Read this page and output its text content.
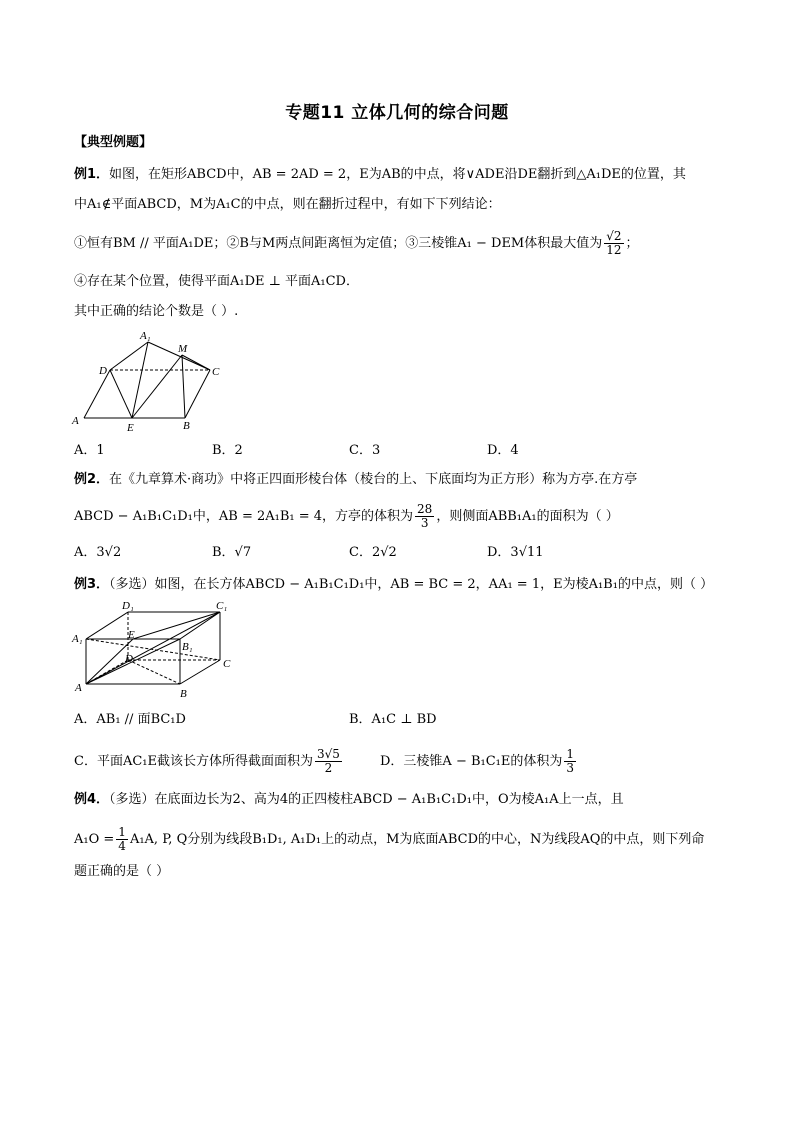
专题11 立体几何的综合问题
【典型例题】
例1．如图，在矩形ABCD中，AB = 2AD = 2，E为AB的中点，将∨ADE沿DE翻折到△A₁DE的位置，其
中A₁∉平面ABCD，M为A₁C的中点，则在翻折过程中，有如下下列结论：
①恒有BM // 平面A₁DE；②B与M两点间距离恒为定值；③三棱锥A₁ − DEM体积最大值为 $\frac{√2}{12}$ ；
④存在某个位置，使得平面A₁DE ⊥ 平面A₁CD．
其中正确的结论个数是（ ）.
A	B
C
D
E
M
A₁
A．1	B．2	C．3	D．4
例2．在《九章算术·商功》中将正四面形棱台体（棱台的上、下底面均为正方形）称为方亭.在方亭
ABCD − A₁B₁C₁D₁中，AB = 2A₁B₁ = 4，方亭的体积为 $\frac{28}{3}$ ，则侧面ABB₁A₁的面积为（ ）
A．3√2	B．√7	C．2√2	D．3√11
例3．（多选）如图，在长方体ABCD − A₁B₁C₁D₁中，AB = BC = 2，AA₁ = 1，E为棱A₁B₁的中点，则（ ）
D₁	C₁
A₁	E
B₁
D	C
A	B
A．AB₁ // 面BC₁D	B．A₁C ⊥ BD
C．平面AC₁E截该长方体所得截面面积为 $\frac{3√5}{2}$	D．三棱锥A − B₁C₁E的体积为 $\frac{1}{3}$
例4．（多选）在底面边长为2、高为4的正四棱柱ABCD − A₁B₁C₁D₁中，O为棱A₁A上一点，且
$A_1O = \frac{1}{4} A_1A$, P, Q分别为线段B₁D₁, A₁D₁上的动点，M为底面ABCD的中心，N为线段AQ的中点，则下列命
题正确的是（ ）
